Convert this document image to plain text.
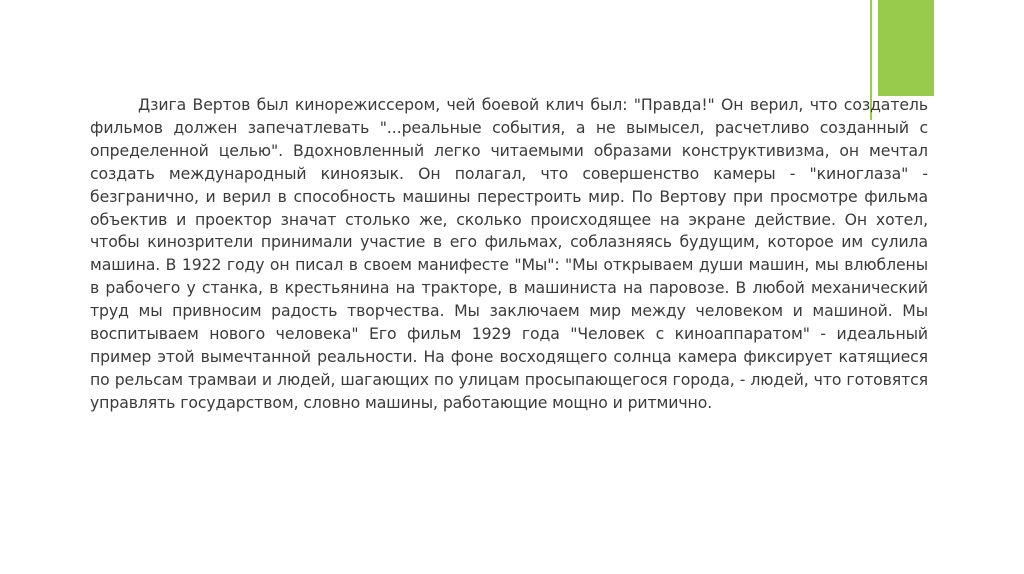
Дзига Вертов был кинорежиссером, чей боевой клич был: "Правда!" Он верил, что создатель фильмов должен запечатлевать "...реальные события, а не вымысел, расчетливо созданный с определенной целью". Вдохновленный легко читаемыми образами конструктивизма, он мечтал создать международный киноязык. Он полагал, что совершенство камеры - "киноглаза" - безгранично, и верил в способность машины перестроить мир. По Вертову при просмотре фильма объектив и проектор значат столько же, сколько происходящее на экране действие. Он хотел, чтобы кинозрители принимали участие в его фильмах, соблазняясь будущим, которое им сулила машина. В 1922 году он писал в своем манифесте "Мы": "Мы открываем души машин, мы влюблены в рабочего у станка, в крестьянина на тракторе, в машиниста на паровозе. В любой механический труд мы привносим радость творчества. Мы заключаем мир между человеком и машиной. Мы воспитываем нового человека" Его фильм 1929 года "Человек с киноаппаратом" - идеальный пример этой вымечтанной реальности. На фоне восходящего солнца камера фиксирует катящиеся по рельсам трамваи и людей, шагающих по улицам просыпающегося города, - людей, что готовятся управлять государством, словно машины, работающие мощно и ритмично.
